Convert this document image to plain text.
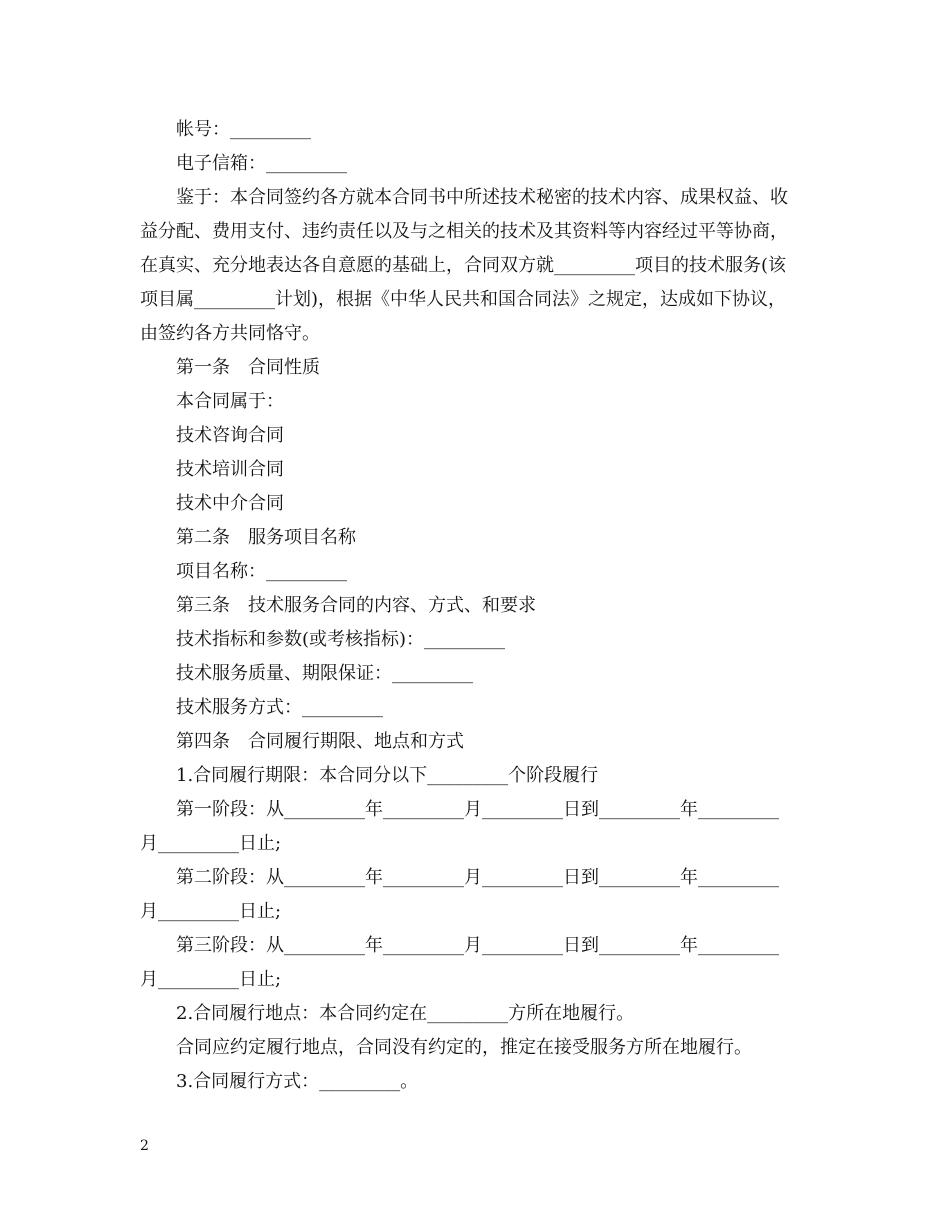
帐号：_________
电子信箱：_________
鉴于：本合同签约各方就本合同书中所述技术秘密的技术内容、成果权益、收
益分配、费用支付、违约责任以及与之相关的技术及其资料等内容经过平等协商，
在真实、充分地表达各自意愿的基础上，合同双方就_________项目的技术服务(该
项目属_________计划)，根据《中华人民共和国合同法》之规定，达成如下协议，
由签约各方共同恪守。
第一条　合同性质
本合同属于：
技术咨询合同
技术培训合同
技术中介合同
第二条　服务项目名称
项目名称：_________
第三条　技术服务合同的内容、方式、和要求
技术指标和参数(或考核指标)：_________
技术服务质量、期限保证：_________
技术服务方式：_________
第四条　合同履行期限、地点和方式
1.合同履行期限：本合同分以下_________个阶段履行
第一阶段：从_________年_________月_________日到_________年_________
月_________日止;
第二阶段：从_________年_________月_________日到_________年_________
月_________日止;
第三阶段：从_________年_________月_________日到_________年_________
月_________日止;
2.合同履行地点：本合同约定在_________方所在地履行。
合同应约定履行地点，合同没有约定的，推定在接受服务方所在地履行。
3.合同履行方式：_________。
2
